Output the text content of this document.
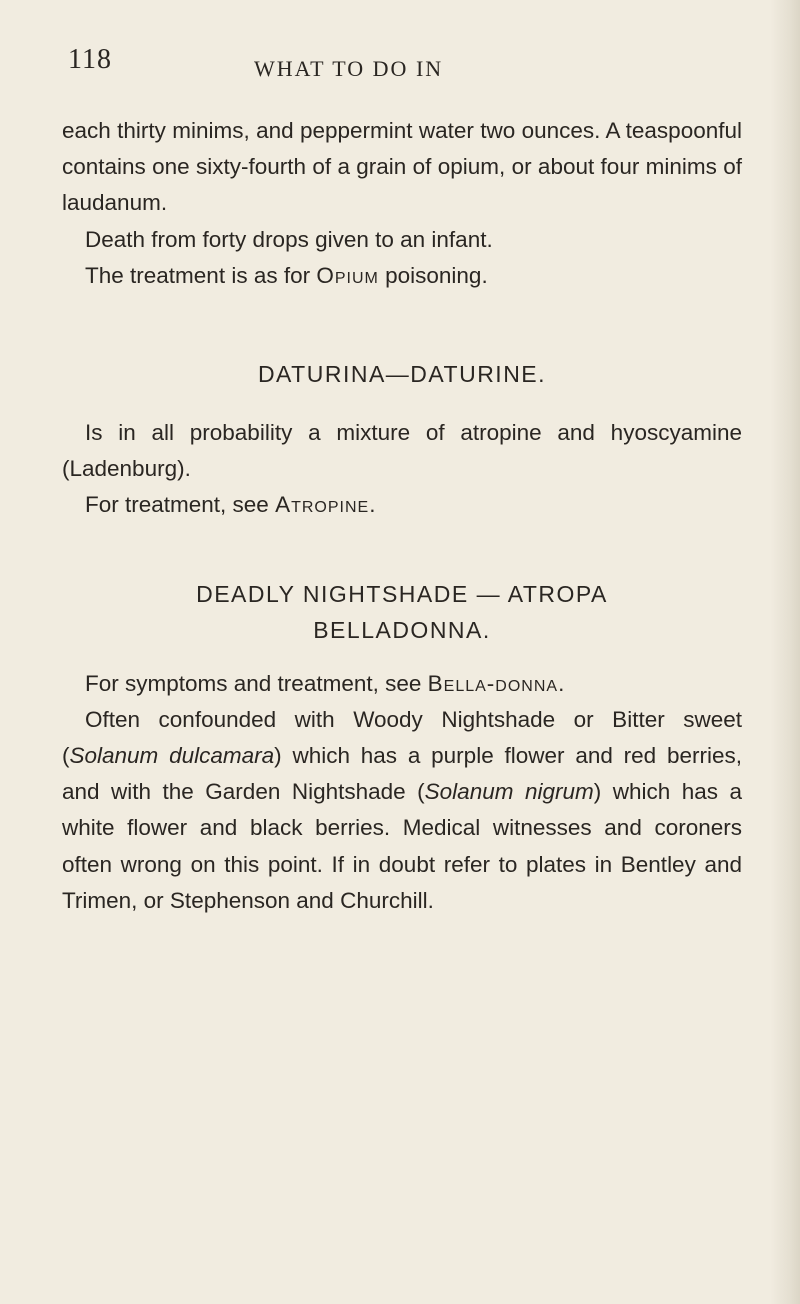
118	WHAT TO DO IN

each thirty minims, and peppermint water two ounces. A teaspoonful contains one sixty-fourth of a grain of opium, or about four minims of laudanum.

Death from forty drops given to an infant.

The treatment is as for Opium poisoning.

DATURINA—DATURINE.

Is in all probability a mixture of atropine and hyoscyamine (Ladenburg).

For treatment, see Atropine.

DEADLY NIGHTSHADE — ATROPA
BELLADONNA.

For symptoms and treatment, see Bella-donna.

Often confounded with Woody Nightshade or Bitter sweet (Solanum dulcamara) which has a purple flower and red berries, and with the Garden Nightshade (Solanum nigrum) which has a white flower and black berries. Medical witnesses and coroners often wrong on this point. If in doubt refer to plates in Bentley and Trimen, or Stephenson and Churchill.
